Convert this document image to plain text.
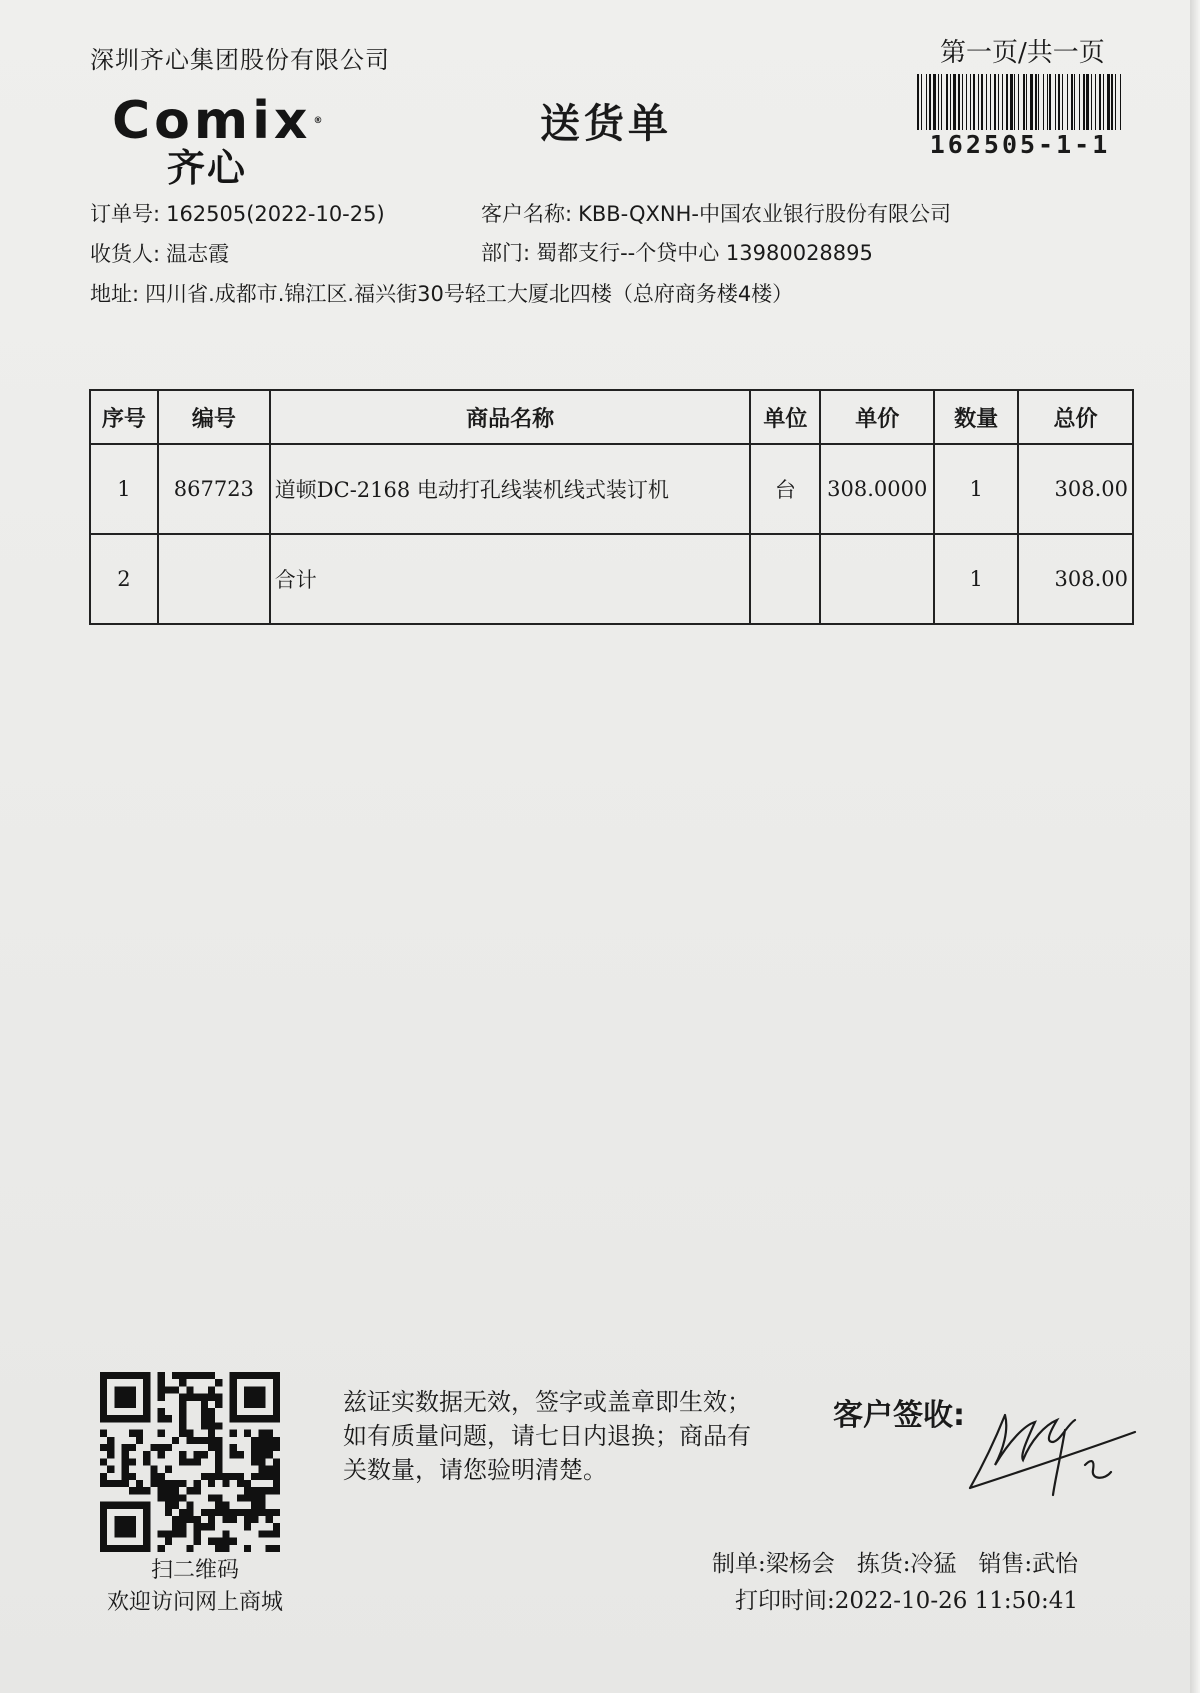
深圳齐心集团股份有限公司
Comix ®
齐心
送货单
第一页/共一页
162505-1-1
订单号: 162505(2022-10-25)	客户名称: KBB-QXNH-中国农业银行股份有限公司
收货人: 温志霞	部门: 蜀都支行--个贷中心 13980028895
地址: 四川省.成都市.锦江区.福兴街30号轻工大厦北四楼（总府商务楼4楼）
序号	编号	商品名称	单位	单价	数量	总价
1	867723	道顿DC-2168 电动打孔线装机线式装订机	台	308.0000	1	308.00
2		合计			1	308.00
扫二维码
欢迎访问网上商城
兹证实数据无效，签字或盖章即生效；如有质量问题，请七日内退换；商品有关数量，请您验明清楚。
客户签收:
制单:梁杨会 拣货:冷猛 销售:武怡
打印时间:2022-10-26 11:50:41
